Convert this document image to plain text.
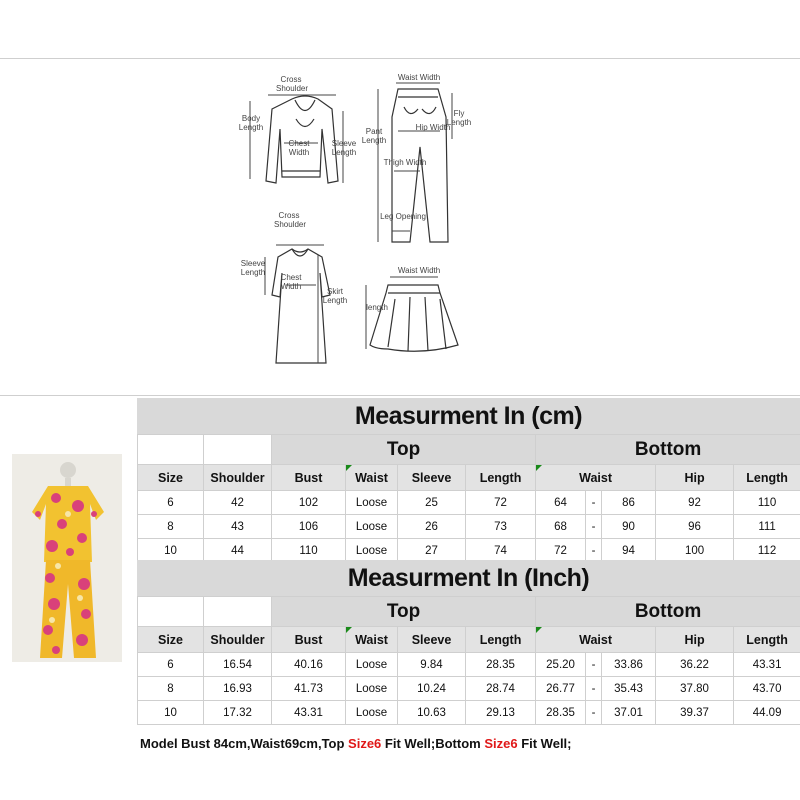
Cross
Shoulder
Body
Length
Chest
Width
Sleeve
Length
Waist Width
Pant
Length
Fly
Length
Hip Width
Thigh Width
Leg Opening
Cross
Shoulder
Sleeve
Length
Chest
Width
Skirt
Length
Waist Width
length
Measurment In (cm)
		Top				Bottom				
Size	Shoulder	Bust	Waist	Sleeve	Length	Waist			Hip	Length
6	42	102	Loose	25	72	64	-	86	92	110
8	43	106	Loose	26	73	68	-	90	96	111
10	44	110	Loose	27	74	72	-	94	100	112
Measurment In (Inch)
		Top				Bottom				
Size	Shoulder	Bust	Waist	Sleeve	Length	Waist			Hip	Length
6	16.54	40.16	Loose	9.84	28.35	25.20	-	33.86	36.22	43.31
8	16.93	41.73	Loose	10.24	28.74	26.77	-	35.43	37.80	43.70
10	17.32	43.31	Loose	10.63	29.13	28.35	-	37.01	39.37	44.09
Model Bust 84cm,Waist69cm,Top Size6 Fit Well;Bottom Size6 Fit Well;
